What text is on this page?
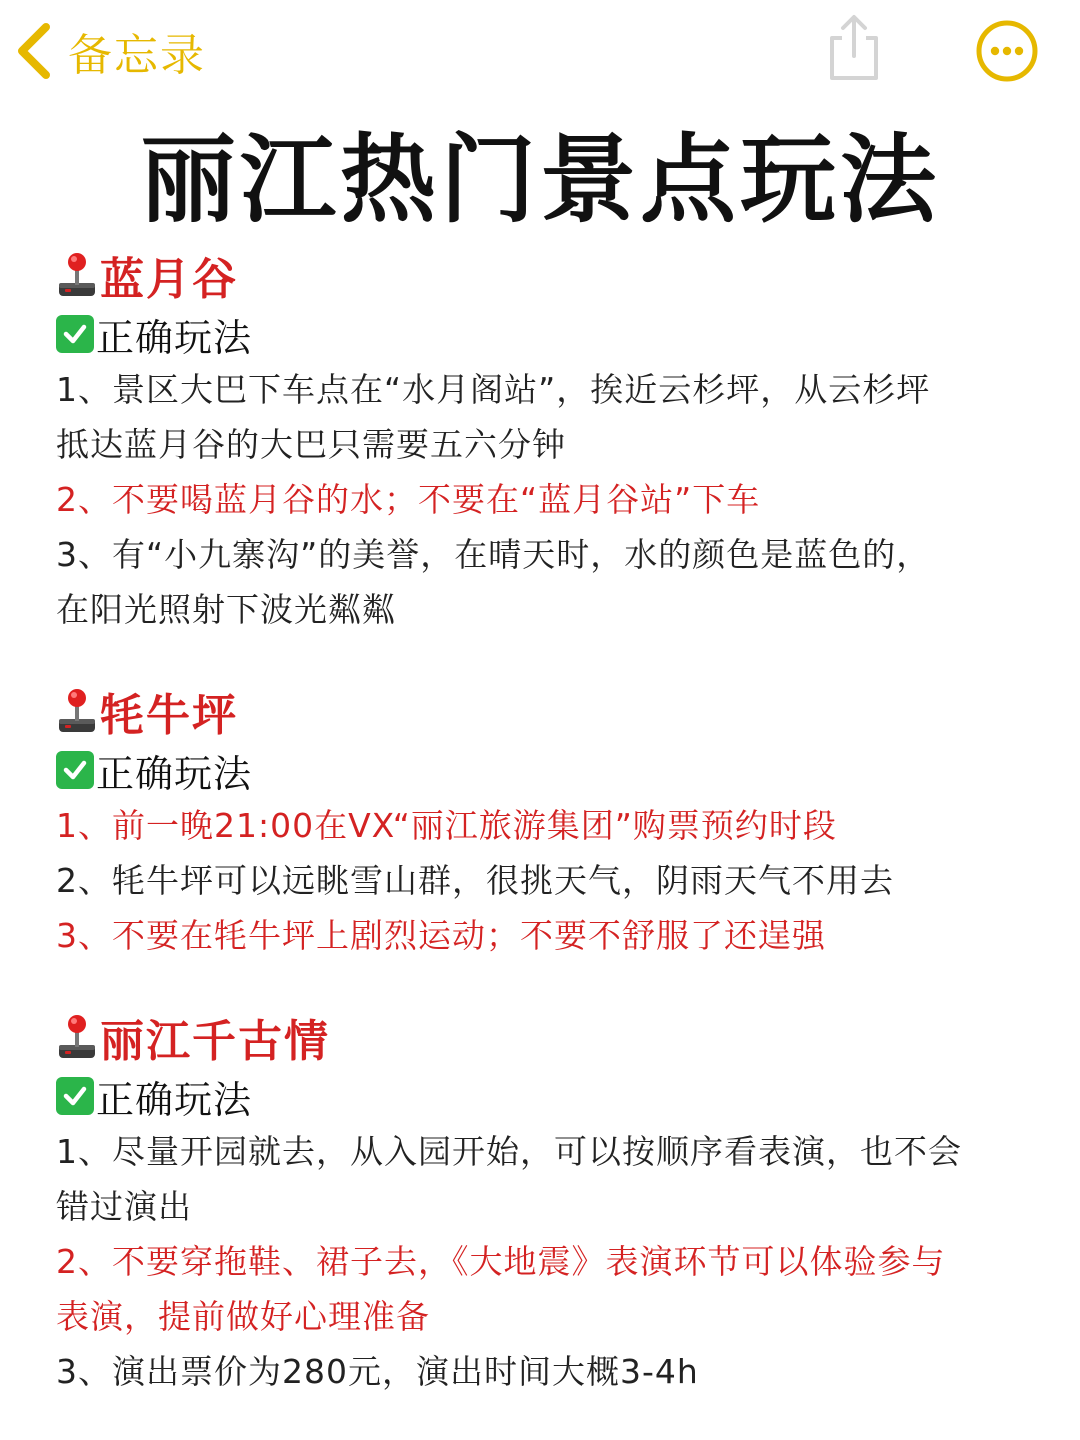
备忘录
丽江热门景点玩法
蓝月谷
正确玩法
1、景区大巴下车点在“水月阁站”，挨近云杉坪，从云杉坪
抵达蓝月谷的大巴只需要五六分钟
2、不要喝蓝月谷的水；不要在“蓝月谷站”下车
3、有“小九寨沟”的美誉，在晴天时，水的颜色是蓝色的，
在阳光照射下波光粼粼
牦牛坪
正确玩法
1、前一晚21:00在VX“丽江旅游集团”购票预约时段
2、牦牛坪可以远眺雪山群，很挑天气，阴雨天气不用去
3、不要在牦牛坪上剧烈运动；不要不舒服了还逞强
丽江千古情
正确玩法
1、尽量开园就去，从入园开始，可以按顺序看表演，也不会
错过演出
2、不要穿拖鞋、裙子去，《大地震》表演环节可以体验参与
表演，提前做好心理准备
3、演出票价为280元，演出时间大概3-4h
